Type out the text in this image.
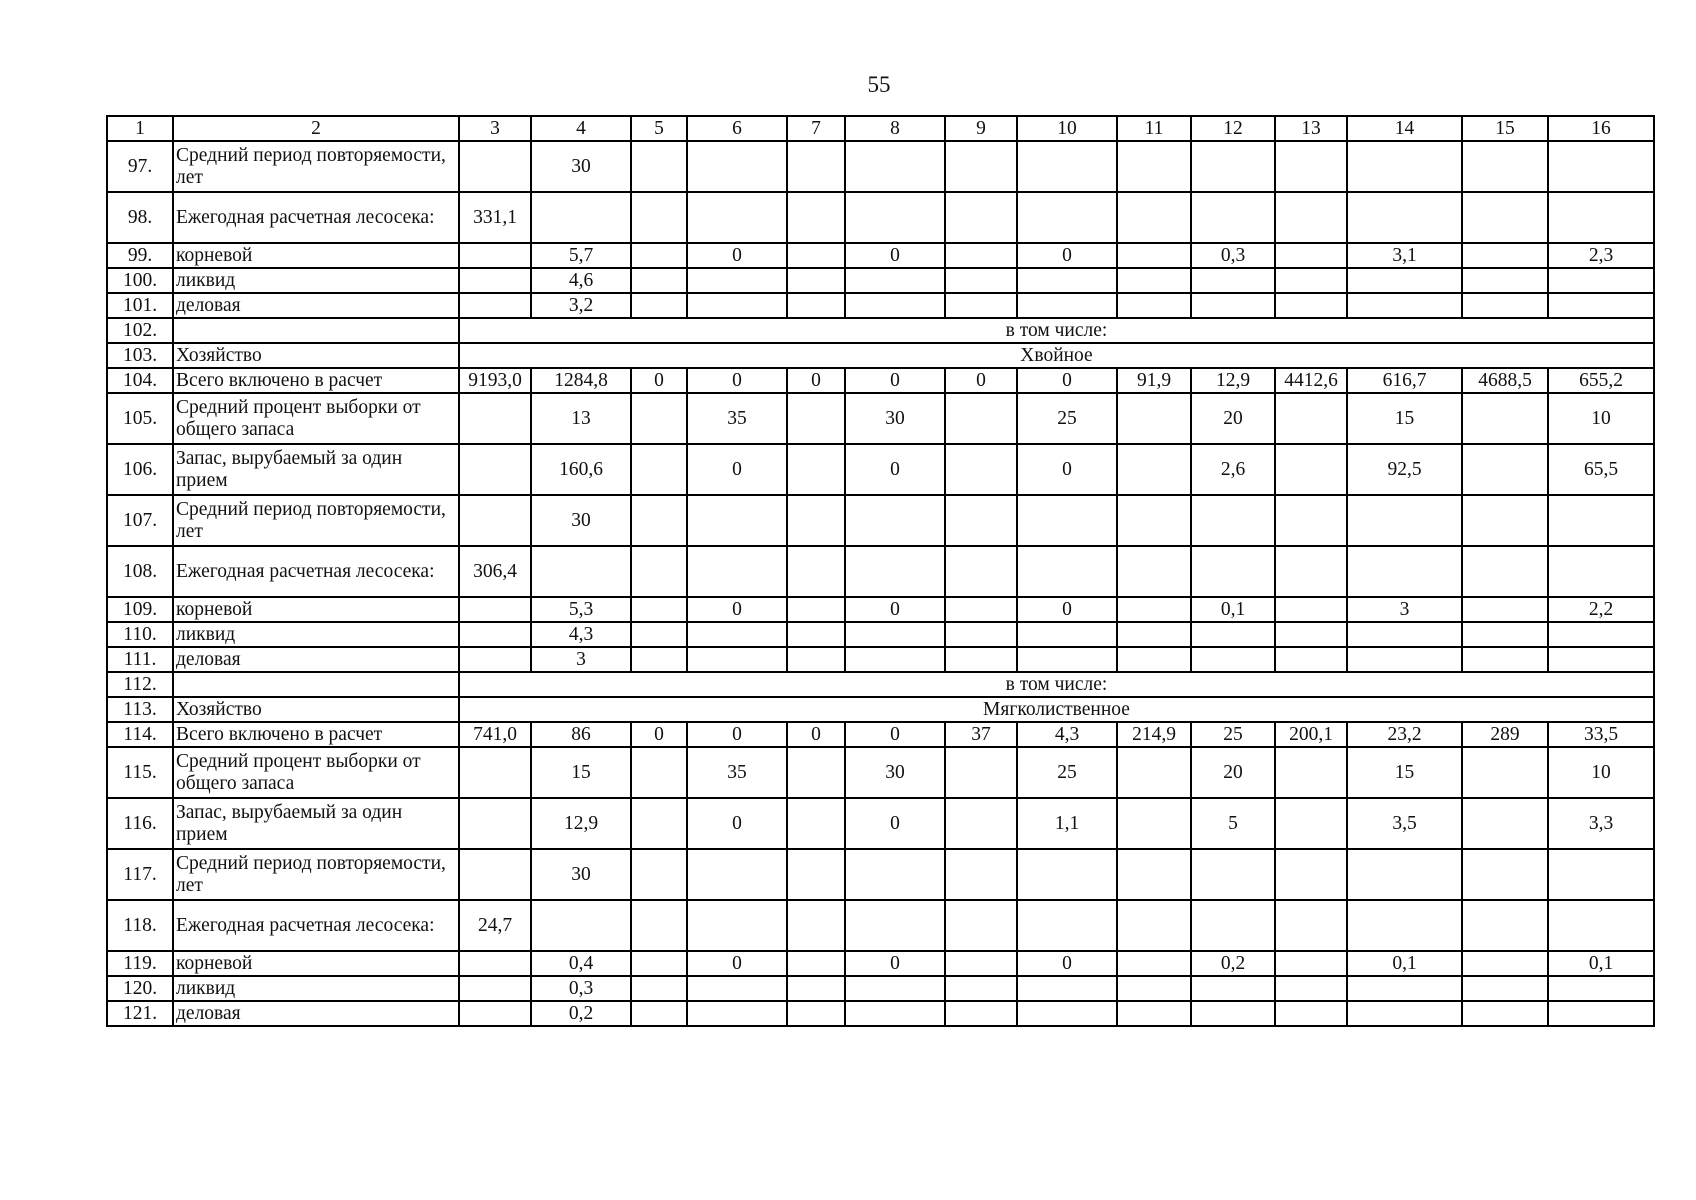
55
1	2	3	4	5	6	7	8	9	10	11	12	13	14	15	16
97.	Средний период повторяемости, лет		30												
98.	Ежегодная расчетная лесосека:	331,1													
99.	корневой		5,7		0		0		0		0,3		3,1		2,3
100.	ликвид		4,6												
101.	деловая		3,2												
102.		в том числе:													
103.	Хозяйство	Хвойное													
104.	Всего включено в расчет	9193,0	1284,8	0	0	0	0	0	0	91,9	12,9	4412,6	616,7	4688,5	655,2
105.	Средний процент выборки от общего запаса		13		35		30		25		20		15		10
106.	Запас, вырубаемый за один прием		160,6		0		0		0		2,6		92,5		65,5
107.	Средний период повторяемости, лет		30												
108.	Ежегодная расчетная лесосека:	306,4													
109.	корневой		5,3		0		0		0		0,1		3		2,2
110.	ликвид		4,3												
111.	деловая		3												
112.		в том числе:													
113.	Хозяйство	Мягколиственное													
114.	Всего включено в расчет	741,0	86	0	0	0	0	37	4,3	214,9	25	200,1	23,2	289	33,5
115.	Средний процент выборки от общего запаса		15		35		30		25		20		15		10
116.	Запас, вырубаемый за один прием		12,9		0		0		1,1		5		3,5		3,3
117.	Средний период повторяемости, лет		30												
118.	Ежегодная расчетная лесосека:	24,7													
119.	корневой		0,4		0		0		0		0,2		0,1		0,1
120.	ликвид		0,3												
121.	деловая		0,2												
